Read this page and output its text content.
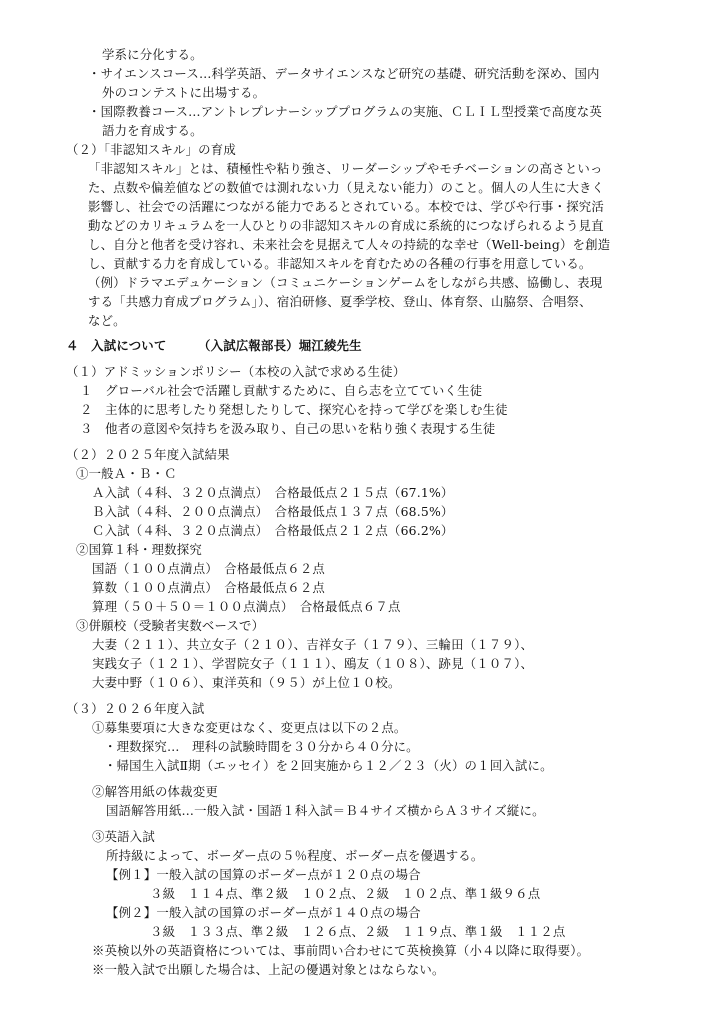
学系に分化する。
・サイエンスコース…科学英語、データサイエンスなど研究の基礎、研究活動を深め、国内
外のコンテストに出場する。
・国際教養コース…アントレプレナーシッププログラムの実施、ＣＬＩＬ型授業で高度な英
語力を育成する。
（２）「非認知スキル」の育成
「非認知スキル」とは、積極性や粘り強さ、リーダーシップやモチベーションの高さといっ
た、点数や偏差値などの数値では測れない力（見えない能力）のこと。個人の人生に大きく
影響し、社会での活躍につながる能力であるとされている。本校では、学びや行事・探究活
動などのカリキュラムを一人ひとりの非認知スキルの育成に系統的につなげられるよう見直
し、自分と他者を受け容れ、未来社会を見据えて人々の持続的な幸せ（Well-being）を創造
し、貢献する力を育成している。非認知スキルを育むための各種の行事を用意している。
（例）ドラマエデュケーション（コミュニケーションゲームをしながら共感、協働し、表現
する「共感力育成プログラム」）、宿泊研修、夏季学校、登山、体育祭、山脇祭、合唱祭、
など。
４　入試について　　　（入試広報部長）堀江綾先生
（１）アドミッションポリシー（本校の入試で求める生徒）
１　グローバル社会で活躍し貢献するために、自ら志を立てていく生徒
２　主体的に思考したり発想したりして、探究心を持って学びを楽しむ生徒
３　他者の意図や気持ちを汲み取り、自己の思いを粘り強く表現する生徒
（２）２０２５年度入試結果
①一般Ａ・Ｂ・Ｃ
Ａ入試（４科、３２０点満点）　合格最低点２１５点（67.1%）
Ｂ入試（４科、２００点満点）　合格最低点１３７点（68.5%）
Ｃ入試（４科、３２０点満点）　合格最低点２１２点（66.2%）
②国算１科・理数探究
国語（１００点満点）　合格最低点６２点
算数（１００点満点）　合格最低点６２点
算理（５０＋５０＝１００点満点）　合格最低点６７点
③併願校（受験者実数ベースで）
大妻（２１１）、共立女子（２１０）、吉祥女子（１７９）、三輪田（１７９）、
実践女子（１２１）、学習院女子（１１１）、鴎友（１０８）、跡見（１０７）、
大妻中野（１０６）、東洋英和（９５）が上位１０校。
（３）２０２６年度入試
①募集要項に大きな変更はなく、変更点は以下の２点。
・理数探究…　理科の試験時間を３０分から４０分に。
・帰国生入試Ⅱ期（エッセイ）を２回実施から１２／２３（火）の１回入試に。
②解答用紙の体裁変更
国語解答用紙…一般入試・国語１科入試＝Ｂ４サイズ横からＡ３サイズ縦に。
③英語入試
所持級によって、ボーダー点の５％程度、ボーダー点を優遇する。
【例１】一般入試の国算のボーダー点が１２０点の場合
３級　１１４点、準２級　１０２点、２級　１０２点、準１級９６点
【例２】一般入試の国算のボーダー点が１４０点の場合
３級　１３３点、準２級　１２６点、２級　１１９点、準１級　１１２点
※英検以外の英語資格については、事前問い合わせにて英検換算（小４以降に取得要）。
※一般入試で出願した場合は、上記の優遇対象とはならない。
